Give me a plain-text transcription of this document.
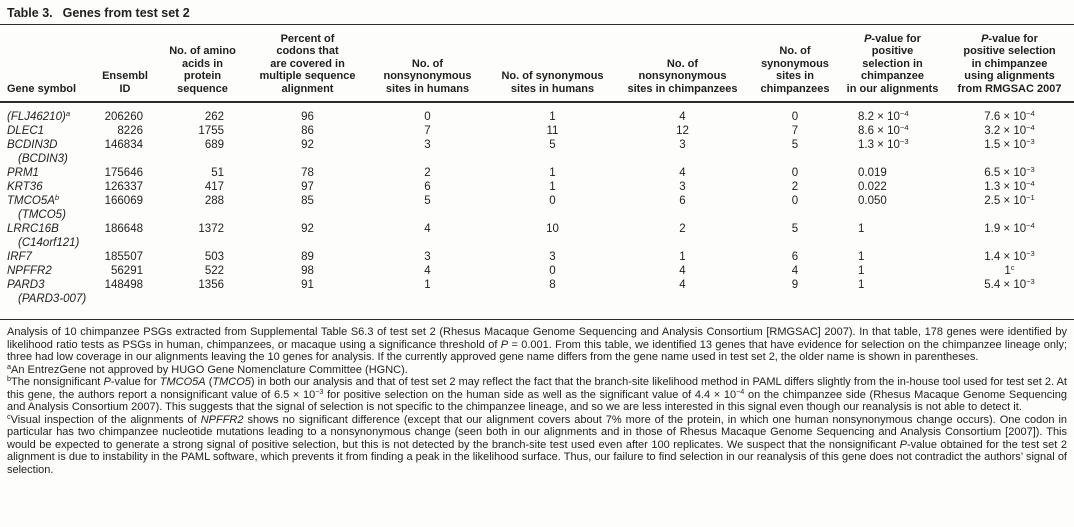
Table 3. Genes from test set 2
Gene symbol	Ensembl ID	No. of amino
acids in
protein
sequence	Percent of
codons that
are covered in
multiple sequence
alignment	No. of
nonsynonymous
sites in humans	No. of synonymous
sites in humans	No. of
nonsynonymous
sites in chimpanzees	No. of
synonymous
sites in
chimpanzees	P-value for
positive
selection in
chimpanzee
in our alignments	P-value for
positive selection
in chimpanzee
using alignments
from RMGSAC 2007
$(FLJ46210)^a$	206260	262	96	0	1	4	0	$8.2 \times 10^{-4}$	$7.6 \times 10^{-4}$
DLEC1	8226	1755	86	7	11	12	7	$8.6 \times 10^{-4}$	$3.2 \times 10^{-4}$
BCDIN3D
(BCDIN3)	146834	689	92	3	5	3	5	$1.3 \times 10^{-3}$	$1.5 \times 10^{-3}$
PRM1	175646	51	78	2	1	4	0	0.019	$6.5 \times 10^{-3}$
KRT36	126337	417	97	6	1	3	2	0.022	$1.3 \times 10^{-4}$
$TMCO5A^b$
(TMCO5)	166069	288	85	5	0	6	0	0.050	$2.5 \times 10^{-1}$
LRRC16B
(C14orf121)	186648	1372	92	4	10	2	5	1	$1.9 \times 10^{-4}$
IRF7	185507	503	89	3	3	1	6	1	$1.4 \times 10^{-3}$
NPFFR2	56291	522	98	4	0	4	4	1	1$^c$
PARD3
(PARD3-007)	148498	1356	91	1	8	4	9	1	$5.4 \times 10^{-3}$

Analysis of 10 chimpanzee PSGs extracted from Supplemental Table S6.3 of test set 2 (Rhesus Macaque Genome Sequencing and Analysis Consortium [RMGSAC] 2007). In that table, 178 genes were identified by likelihood ratio tests as PSGs in human, chimpanzees, or macaque using a significance threshold of P = 0.001. From this table, we identified 13 genes that have evidence for selection on the chimpanzee lineage only; three had low coverage in our alignments leaving the 10 genes for analysis. If the currently approved gene name differs from the gene name used in test set 2, the older name is shown in parentheses.

$^a$An EntrezGene not approved by HUGO Gene Nomenclature Committee (HGNC).

$^b$The nonsignificant P-value for TMCO5A (TMCO5) in both our analysis and that of test set 2 may reflect the fact that the branch-site likelihood method in PAML differs slightly from the in-house tool used for test set 2. At this gene, the authors report a nonsignificant value of $6.5 \times 10^{-3}$ for positive selection on the human side as well as the significant value of $4.4 \times 10^{-4}$ on the chimpanzee side (Rhesus Macaque Genome Sequencing and Analysis Consortium 2007). This suggests that the signal of selection is not specific to the chimpanzee lineage, and so we are less interested in this signal even though our reanalysis is not able to detect it.

$^c$Visual inspection of the alignments of NPFFR2 shows no significant difference (except that our alignment covers about 7% more of the protein, in which one human nonsynonymous change occurs). One codon in particular has two chimpanzee nucleotide mutations leading to a nonsynonymous change (seen both in our alignments and in those of Rhesus Macaque Genome Sequencing and Analysis Consortium [2007]). This would be expected to generate a strong signal of positive selection, but this is not detected by the branch-site test used even after 100 replicates. We suspect that the nonsignificant P-value obtained for the test set 2 alignment is due to instability in the PAML software, which prevents it from finding a peak in the likelihood surface. Thus, our failure to find selection in our reanalysis of this gene does not contradict the authors’ signal of selection.
